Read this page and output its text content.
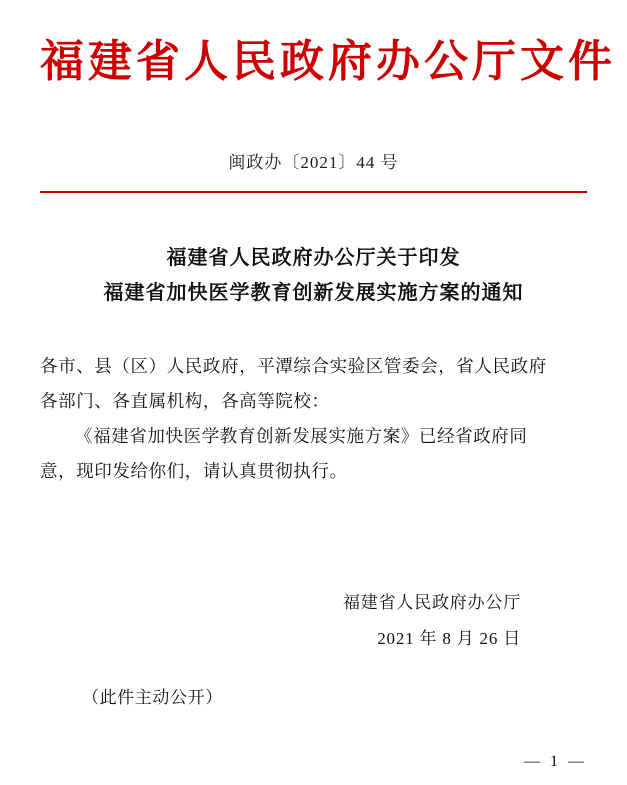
福建省人民政府办公厅文件
闽政办〔2021〕44 号
福建省人民政府办公厅关于印发
福建省加快医学教育创新发展实施方案的通知

各市、县（区）人民政府，平潭综合实验区管委会，省人民政府

各部门、各直属机构，各高等院校：

《福建省加快医学教育创新发展实施方案》已经省政府同

意，现印发给你们，请认真贯彻执行。

福建省人民政府办公厅
2021 年 8 月 26 日
（此件主动公开）
— 1 —
